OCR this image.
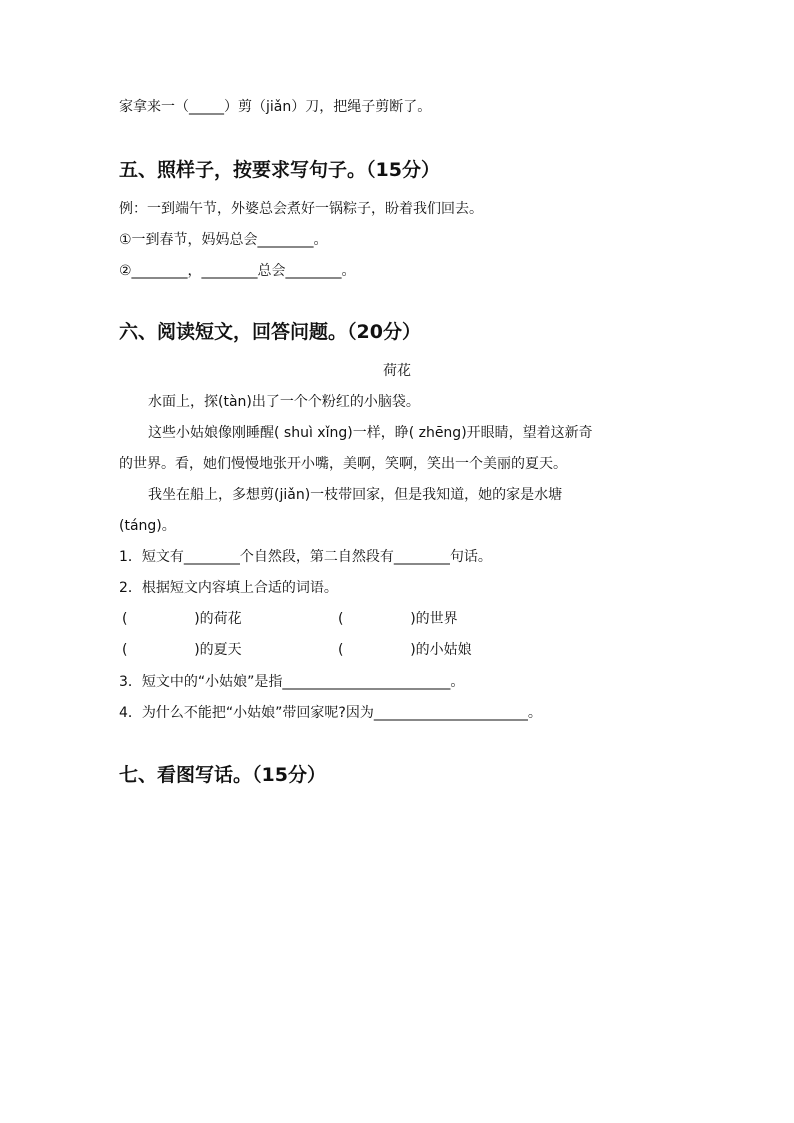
家拿来一（_____）剪（jiǎn）刀，把绳子剪断了。
五、照样子，按要求写句子。（15分）
例：一到端午节，外婆总会煮好一锅粽子，盼着我们回去。
①一到春节，妈妈总会________。
②________，________总会________。
六、阅读短文，回答问题。（20分）
荷花
水面上，探(tàn)出了一个个粉红的小脑袋。
这些小姑娘像刚睡醒( shuì xǐng)一样，睁( zhēng)开眼睛，望着这新奇
的世界。看，她们慢慢地张开小嘴，美啊，笑啊，笑出一个美丽的夏天。
我坐在船上，多想剪(jiǎn)一枝带回家，但是我知道，她的家是水塘
(táng)。
1．短文有________个自然段，第二自然段有________句话。
2．根据短文内容填上合适的词语。
(               )的荷花	(               )的世界
(               )的夏天	(               )的小姑娘
3．短文中的“小姑娘”是指________________________。
4．为什么不能把“小姑娘”带回家呢?因为______________________。
七、看图写话。（15分）
